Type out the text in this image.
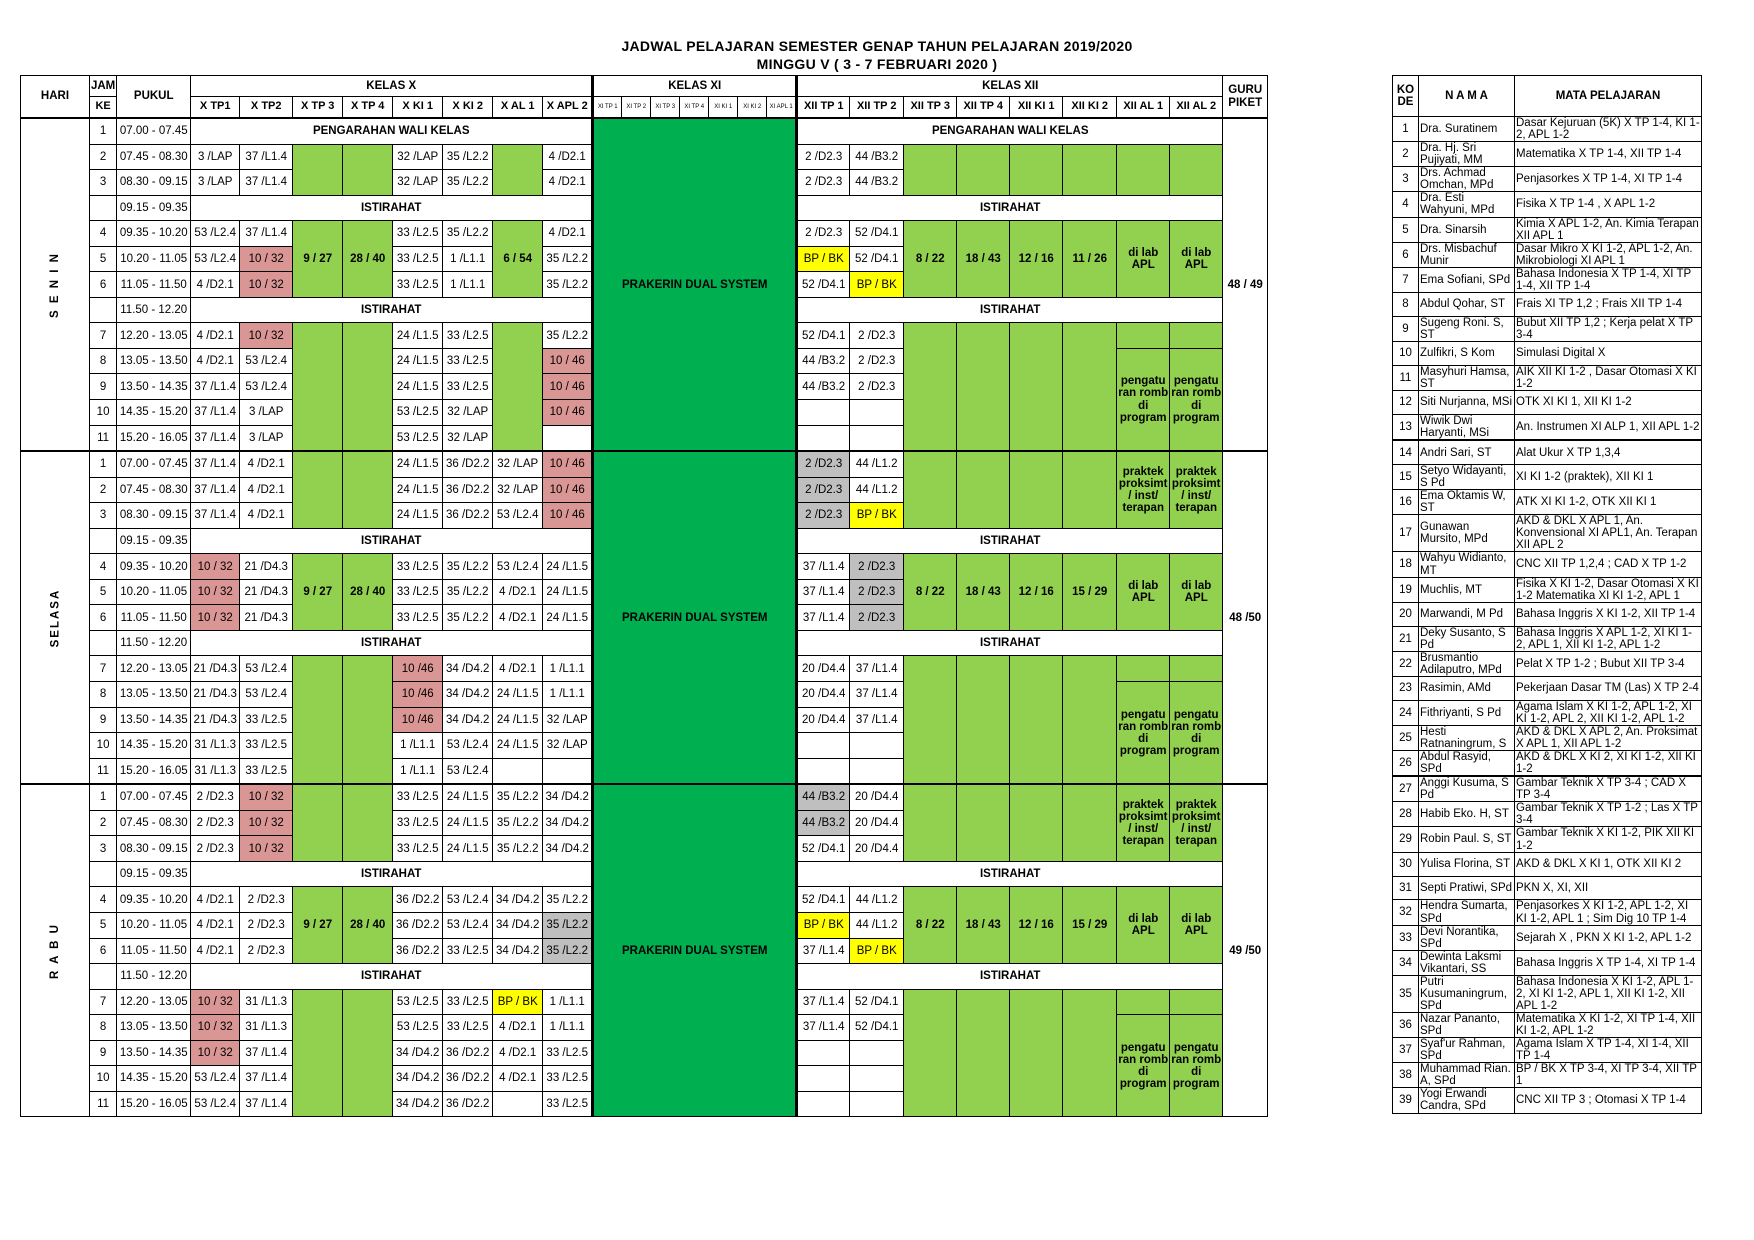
JADWAL PELAJARAN SEMESTER GENAP TAHUN PELAJARAN 2019/2020
MINGGU V ( 3 - 7 FEBRUARI 2020 )
HARI	JAM	PUKUL	KELAS X								KELAS XI							KELAS XII								GURU PIKET
	KE		X TP1	X TP2	X TP 3	X TP 4	X KI 1	X KI 2	X AL 1	X APL 2	XI TP 1	XI TP 2	XI TP 3	XI TP 4	XI KI 1	XI KI 2	XI APL 1	XII TP 1	XII TP 2	XII TP 3	XII TP 4	XII KI 1	XII KI 2	XII AL 1	XII AL 2	
S E N I N	1	07.00 - 07.45	PENGARAHAN WALI KELAS								PRAKERIN DUAL SYSTEM							PENGARAHAN WALI KELAS								48 / 49
	2	07.45 - 08.30	3 /LAP	37 /L1.4			32 /LAP	35 /L2.2		4 /D2.1								2 /D2.3	44 /B3.2							
	3	08.30 - 09.15	3 /LAP	37 /L1.4			32 /LAP	35 /L2.2		4 /D2.1								2 /D2.3	44 /B3.2							
		09.15 - 09.35	ISTIRAHAT															ISTIRAHAT								
	4	09.35 - 10.20	53 /L2.4	37 /L1.4	9 / 27	28 / 40	33 /L2.5	35 /L2.2	6 / 54	4 /D2.1								2 /D2.3	52 /D4.1	8 / 22	18 / 43	12 / 16	11 / 26	di lab APL	di lab APL	
	5	10.20 - 11.05	53 /L2.4	10 / 32			33 /L2.5	1 /L1.1		35 /L2.2								BP / BK	52 /D4.1							
	6	11.05 - 11.50	4 /D2.1	10 / 32			33 /L2.5	1 /L1.1		35 /L2.2								52 /D4.1	BP / BK							
		11.50 - 12.20	ISTIRAHAT															ISTIRAHAT								
	7	12.20 - 13.05	4 /D2.1	10 / 32			24 /L1.5	33 /L2.5		35 /L2.2								52 /D4.1	2 /D2.3							
	8	13.05 - 13.50	4 /D2.1	53 /L2.4			24 /L1.5	33 /L2.5		10 / 46								44 /B3.2	2 /D2.3					pengatu ran romb di program	pengatu ran romb di program	
	9	13.50 - 14.35	37 /L1.4	53 /L2.4			24 /L1.5	33 /L2.5		10 / 46								44 /B3.2	2 /D2.3							
	10	14.35 - 15.20	37 /L1.4	3 /LAP			53 /L2.5	32 /LAP		10 / 46																
	11	15.20 - 16.05	37 /L1.4	3 /LAP			53 /L2.5	32 /LAP																		
SELASA	1	07.00 - 07.45	37 /L1.4	4 /D2.1			24 /L1.5	36 /D2.2	32 /LAP	10 / 46	PRAKERIN DUAL SYSTEM							2 /D2.3	44 /L1.2					praktek proksimt / inst/ terapan	praktek proksimt / inst/ terapan	48 /50
	2	07.45 - 08.30	37 /L1.4	4 /D2.1			24 /L1.5	36 /D2.2	32 /LAP	10 / 46								2 /D2.3	44 /L1.2							
	3	08.30 - 09.15	37 /L1.4	4 /D2.1			24 /L1.5	36 /D2.2	53 /L2.4	10 / 46								2 /D2.3	BP / BK							
		09.15 - 09.35	ISTIRAHAT															ISTIRAHAT								
	4	09.35 - 10.20	10 / 32	21 /D4.3	9 / 27	28 / 40	33 /L2.5	35 /L2.2	53 /L2.4	24 /L1.5								37 /L1.4	2 /D2.3	8 / 22	18 / 43	12 / 16	15 / 29	di lab APL	di lab APL	
	5	10.20 - 11.05	10 / 32	21 /D4.3			33 /L2.5	35 /L2.2	4 /D2.1	24 /L1.5								37 /L1.4	2 /D2.3							
	6	11.05 - 11.50	10 / 32	21 /D4.3			33 /L2.5	35 /L2.2	4 /D2.1	24 /L1.5								37 /L1.4	2 /D2.3							
		11.50 - 12.20	ISTIRAHAT															ISTIRAHAT								
	7	12.20 - 13.05	21 /D4.3	53 /L2.4			10 /46	34 /D4.2	4 /D2.1	1 /L1.1								20 /D4.4	37 /L1.4							
	8	13.05 - 13.50	21 /D4.3	53 /L2.4			10 /46	34 /D4.2	24 /L1.5	1 /L1.1								20 /D4.4	37 /L1.4					pengatu ran romb di program	pengatu ran romb di program	
	9	13.50 - 14.35	21 /D4.3	33 /L2.5			10 /46	34 /D4.2	24 /L1.5	32 /LAP								20 /D4.4	37 /L1.4							
	10	14.35 - 15.20	31 /L1.3	33 /L2.5			1 /L1.1	53 /L2.4	24 /L1.5	32 /LAP																
	11	15.20 - 16.05	31 /L1.3	33 /L2.5			1 /L1.1	53 /L2.4																		
R A B U	1	07.00 - 07.45	2 /D2.3	10 / 32			33 /L2.5	24 /L1.5	35 /L2.2	34 /D4.2	PRAKERIN DUAL SYSTEM							44 /B3.2	20 /D4.4					praktek proksimt / inst/ terapan	praktek proksimt / inst/ terapan	49 /50
	2	07.45 - 08.30	2 /D2.3	10 / 32			33 /L2.5	24 /L1.5	35 /L2.2	34 /D4.2								44 /B3.2	20 /D4.4							
	3	08.30 - 09.15	2 /D2.3	10 / 32			33 /L2.5	24 /L1.5	35 /L2.2	34 /D4.2								52 /D4.1	20 /D4.4							
		09.15 - 09.35	ISTIRAHAT															ISTIRAHAT								
	4	09.35 - 10.20	4 /D2.1	2 /D2.3	9 / 27	28 / 40	36 /D2.2	53 /L2.4	34 /D4.2	35 /L2.2								52 /D4.1	44 /L1.2	8 / 22	18 / 43	12 / 16	15 / 29	di lab APL	di lab APL	
	5	10.20 - 11.05	4 /D2.1	2 /D2.3			36 /D2.2	53 /L2.4	34 /D4.2	35 /L2.2								BP / BK	44 /L1.2							
	6	11.05 - 11.50	4 /D2.1	2 /D2.3			36 /D2.2	33 /L2.5	34 /D4.2	35 /L2.2								37 /L1.4	BP / BK							
		11.50 - 12.20	ISTIRAHAT															ISTIRAHAT								
	7	12.20 - 13.05	10 / 32	31 /L1.3			53 /L2.5	33 /L2.5	BP / BK	1 /L1.1								37 /L1.4	52 /D4.1							
	8	13.05 - 13.50	10 / 32	31 /L1.3			53 /L2.5	33 /L2.5	4 /D2.1	1 /L1.1								37 /L1.4	52 /D4.1					pengatu ran romb di program	pengatu ran romb di program	
	9	13.50 - 14.35	10 / 32	37 /L1.4			34 /D4.2	36 /D2.2	4 /D2.1	33 /L2.5																
	10	14.35 - 15.20	53 /L2.4	37 /L1.4			34 /D4.2	36 /D2.2	4 /D2.1	33 /L2.5																
	11	15.20 - 16.05	53 /L2.4	37 /L1.4			34 /D4.2	36 /D2.2		33 /L2.5																
KO DE	N A M A	MATA PELAJARAN
1	Dra. Suratinem	Dasar Kejuruan (5K) X TP 1-4, KI 1-2, APL 1-2
2	Dra. Hj. Sri Pujiyati, MM	Matematika X TP 1-4, XII TP 1-4
3	Drs. Achmad Omchan, MPd	Penjasorkes X TP 1-4, XI TP 1-4
4	Dra. Esti Wahyuni, MPd	Fisika X TP 1-4 , X APL 1-2
5	Dra. Sinarsih	Kimia X APL 1-2, An. Kimia Terapan XII APL 1
6	Drs. Misbachuf Munir	Dasar Mikro X KI 1-2, APL 1-2, An. Mikrobiologi XI APL 1
7	Ema Sofiani, SPd	Bahasa Indonesia X TP 1-4, XI TP 1-4, XII TP 1-4
8	Abdul Qohar, ST	Frais XI TP 1,2 ; Frais XII TP 1-4
9	Sugeng Roni. S, ST	Bubut XII TP 1,2 ; Kerja pelat X TP 3-4
10	Zulfikri, S Kom	Simulasi Digital X
11	Masyhuri Hamsa, ST	AIK XII KI 1-2 , Dasar Otomasi X KI 1-2
12	Siti Nurjanna, MSi	OTK XI KI 1, XII KI 1-2
13	Wiwik Dwi Haryanti, MSi	An. Instrumen XI ALP 1, XII APL 1-2
14	Andri Sari, ST	Alat Ukur X TP 1,3,4
15	Setyo Widayanti, S Pd	XI KI 1-2 (praktek), XII KI 1
16	Ema Oktamis W, ST	ATK XI KI 1-2, OTK XII KI 1
17	Gunawan Mursito, MPd	AKD & DKL X APL 1, An. Konvensional XI APL1, An. Terapan XII APL 2
18	Wahyu Widianto, MT	CNC XII TP 1,2,4 ; CAD X TP 1-2
19	Muchlis, MT	Fisika X KI 1-2, Dasar Otomasi X KI 1-2 Matematika XI KI 1-2, APL 1
20	Marwandi, M Pd	Bahasa Inggris X KI 1-2, XII TP 1-4
21	Deky Susanto, S Pd	Bahasa Inggris X APL 1-2, XI KI 1-2, APL 1, XII KI 1-2, APL 1-2
22	Brusmantio Adilaputro, MPd	Pelat X TP 1-2 ; Bubut XII TP 3-4
23	Rasimin, AMd	Pekerjaan Dasar TM (Las) X TP 2-4
24	Fithriyanti, S Pd	Agama Islam X KI 1-2, APL 1-2, XI KI 1-2, APL 2, XII KI 1-2, APL 1-2
25	Hesti Ratnaningrum, S	AKD & DKL X APL 2, An. Proksimat X APL 1, XII APL 1-2
26	Abdul Rasyid, SPd	AKD & DKL X KI 2, XI KI 1-2, XII KI 1-2
27	Anggi Kusuma, S Pd	Gambar Teknik X TP 3-4 ; CAD X TP 3-4
28	Habib Eko. H, ST	Gambar Teknik X TP 1-2 ; Las X TP 3-4
29	Robin Paul. S, ST	Gambar Teknik X KI 1-2, PIK XII KI 1-2
30	Yulisa Florina, ST	AKD & DKL X KI 1, OTK XII KI 2
31	Septi Pratiwi, SPd	PKN X, XI, XII
32	Hendra Sumarta, SPd	Penjasorkes X KI 1-2, APL 1-2, XI KI 1-2, APL 1 ; Sim Dig 10 TP 1-4
33	Devi Norantika, SPd	Sejarah X , PKN X KI 1-2, APL 1-2
34	Dewinta Laksmi Vikantari, SS	Bahasa Inggris X TP 1-4, XI TP 1-4
35	Putri Kusumaningrum, SPd	Bahasa Indonesia X KI 1-2, APL 1-2, XI KI 1-2, APL 1, XII KI 1-2, XII APL 1-2
36	Nazar Pananto, SPd	Matematika X KI 1-2, XI TP 1-4, XII KI 1-2, APL 1-2
37	Syaf'ur Rahman, SPd	Agama Islam X TP 1-4, XI 1-4, XII TP 1-4
38	Muhammad Rian. A, SPd	BP / BK X TP 3-4, XI TP 3-4, XII TP 1
39	Yogi Erwandi Candra, SPd	CNC XII TP 3 ; Otomasi X TP 1-4
